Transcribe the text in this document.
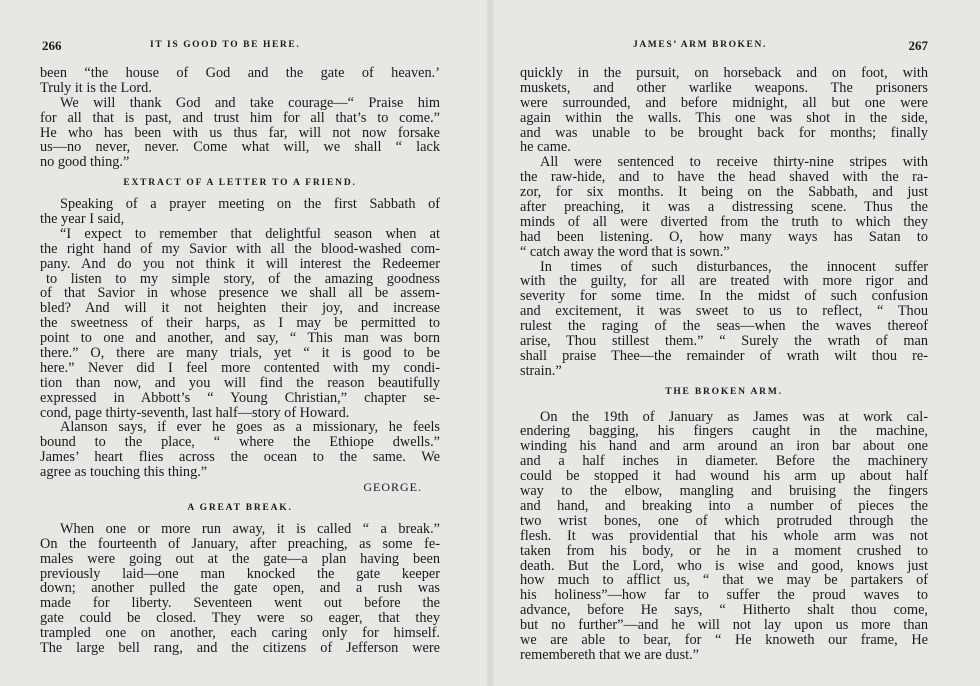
266	IT IS GOOD TO BE HERE.
been “the house of God and the gate of heaven.’
Truly it is the Lord.
We will thank God and take courage—“ Praise him
for all that is past, and trust him for all that’s to come.”
He who has been with us thus far, will not now forsake
us—no never, never. Come what will, we shall “ lack
no good thing.”
EXTRACT OF A LETTER TO A FRIEND.
Speaking of a prayer meeting on the first Sabbath of
the year I said,
“I expect to remember that delightful season when at
the right hand of my Savior with all the blood-washed com-
pany. And do you not think it will interest the Redeemer
to listen to my simple story, of the amazing goodness
of that Savior in whose presence we shall all be assem-
bled? And will it not heighten their joy, and increase
the sweetness of their harps, as I may be permitted to
point to one and another, and say, “ This man was born
there.” O, there are many trials, yet “ it is good to be
here.” Never did I feel more contented with my condi-
tion than now, and you will find the reason beautifully
expressed in Abbott’s “ Young Christian,” chapter se-
cond, page thirty-seventh, last half—story of Howard.
Alanson says, if ever he goes as a missionary, he feels
bound to the place, “ where the Ethiope dwells.”
James’ heart flies across the ocean to the same. We
agree as touching this thing.”
GEORGE.
A GREAT BREAK.
When one or more run away, it is called “ a break.”
On the fourteenth of January, after preaching, as some fe-
males were going out at the gate—a plan having been
previously laid—one man knocked the gate keeper
down; another pulled the gate open, and a rush was
made for liberty. Seventeen went out before the
gate could be closed. They were so eager, that they
trampled one on another, each caring only for himself.
The large bell rang, and the citizens of Jefferson were
JAMES’ ARM BROKEN.	267
quickly in the pursuit, on horseback and on foot, with
muskets, and other warlike weapons. The prisoners
were surrounded, and before midnight, all but one were
again within the walls. This one was shot in the side,
and was unable to be brought back for months; finally
he came.
All were sentenced to receive thirty-nine stripes with
the raw-hide, and to have the head shaved with the ra-
zor, for six months. It being on the Sabbath, and just
after preaching, it was a distressing scene. Thus the
minds of all were diverted from the truth to which they
had been listening. O, how many ways has Satan to
“ catch away the word that is sown.”
In times of such disturbances, the innocent suffer
with the guilty, for all are treated with more rigor and
severity for some time. In the midst of such confusion
and excitement, it was sweet to us to reflect, “ Thou
rulest the raging of the seas—when the waves thereof
arise, Thou stillest them.” “ Surely the wrath of man
shall praise Thee—the remainder of wrath wilt thou re-
strain.”
THE BROKEN ARM.
On the 19th of January as James was at work cal-
endering bagging, his fingers caught in the machine,
winding his hand and arm around an iron bar about one
and a half inches in diameter. Before the machinery
could be stopped it had wound his arm up about half
way to the elbow, mangling and bruising the fingers
and hand, and breaking into a number of pieces the
two wrist bones, one of which protruded through the
flesh. It was providential that his whole arm was not
taken from his body, or he in a moment crushed to
death. But the Lord, who is wise and good, knows just
how much to afflict us, “ that we may be partakers of
his holiness”—how far to suffer the proud waves to
advance, before He says, “ Hitherto shalt thou come,
but no further”—and he will not lay upon us more than
we are able to bear, for “ He knoweth our frame, He
remembereth that we are dust.”
